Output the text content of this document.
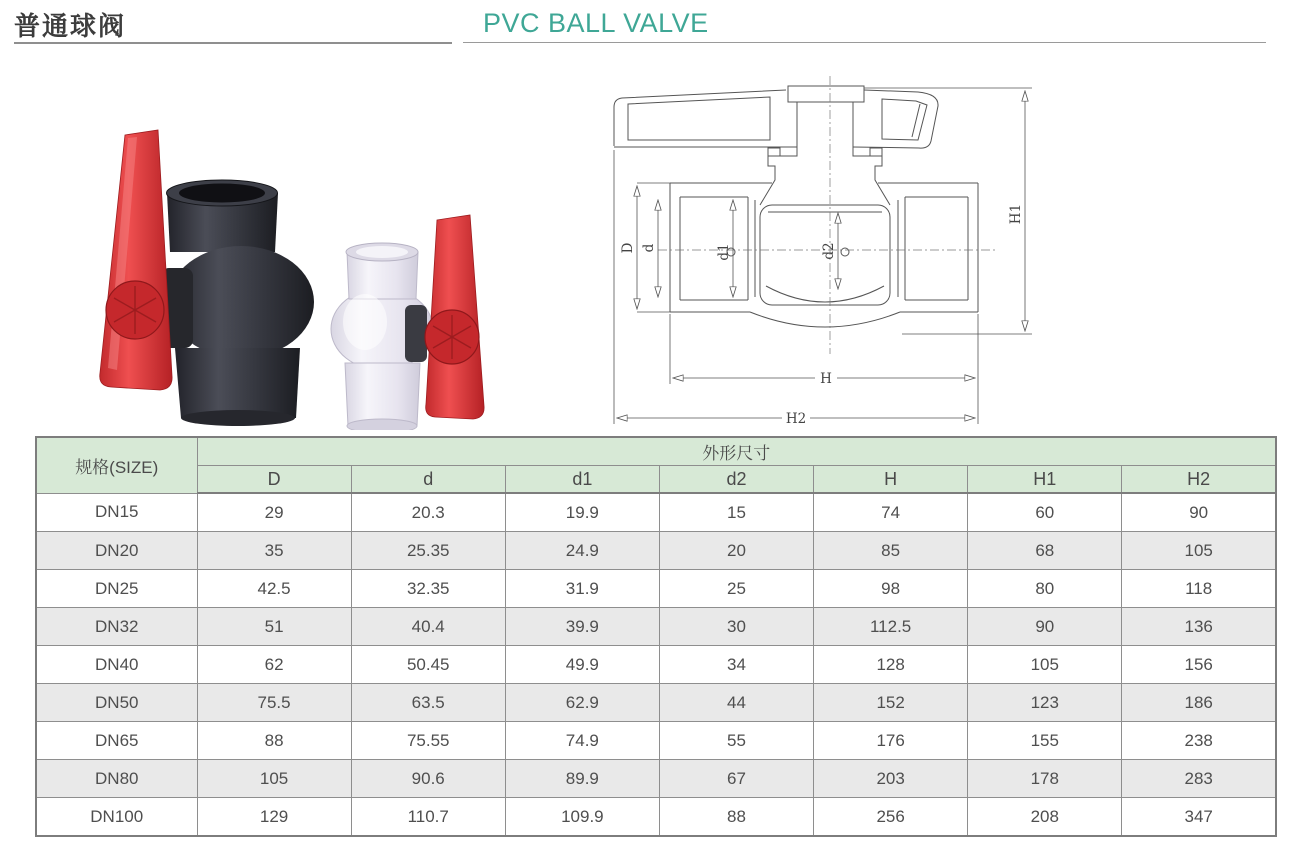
普通球阀	PVC BALL VALVE
D d	d1	d2
H1
H
H2
规格(SIZE)	外形尺寸						
	D	d	d1	d2	H	H1	H2
DN15	29	20.3	19.9	15	74	60	90
DN20	35	25.35	24.9	20	85	68	105
DN25	42.5	32.35	31.9	25	98	80	118
DN32	51	40.4	39.9	30	112.5	90	136
DN40	62	50.45	49.9	34	128	105	156
DN50	75.5	63.5	62.9	44	152	123	186
DN65	88	75.55	74.9	55	176	155	238
DN80	105	90.6	89.9	67	203	178	283
DN100	129	110.7	109.9	88	256	208	347
